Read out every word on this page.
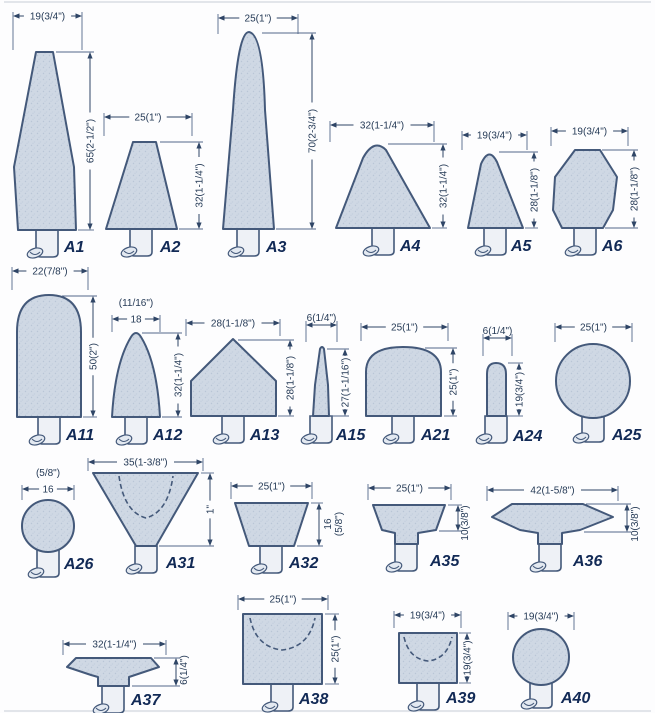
19(3/4")
65(2-1/2")
A1
25(1")
32(1-1/4")
A2
25(1")
70(2-3/4")
A3
32(1-1/4")
32(1-1/4")
A4
19(3/4")
28(1-1/8")
A5
19(3/4")
28(1-1/8")
A6
22(7/8")
50(2")
A11
18
32(1-1/4")
(11/16")
A12
28(1-1/8")
28(1-1/8")
A13
6(1/4")
27(1-1/16")
A15
25(1")
25(1")
A21
6(1/4")
19(3/4")
A24
25(1")
A25
16
(5/8")
A26
35(1-3/8")
1"
A31
25(1")
16 (5/8")
A32
25(1")
10(3/8")
A35
42(1-5/8")
10(3/8")
A36
32(1-1/4")
6(1/4")
A37
25(1")
25(1")
A38
19(3/4")
19(3/4")
A39
19(3/4")
A40
